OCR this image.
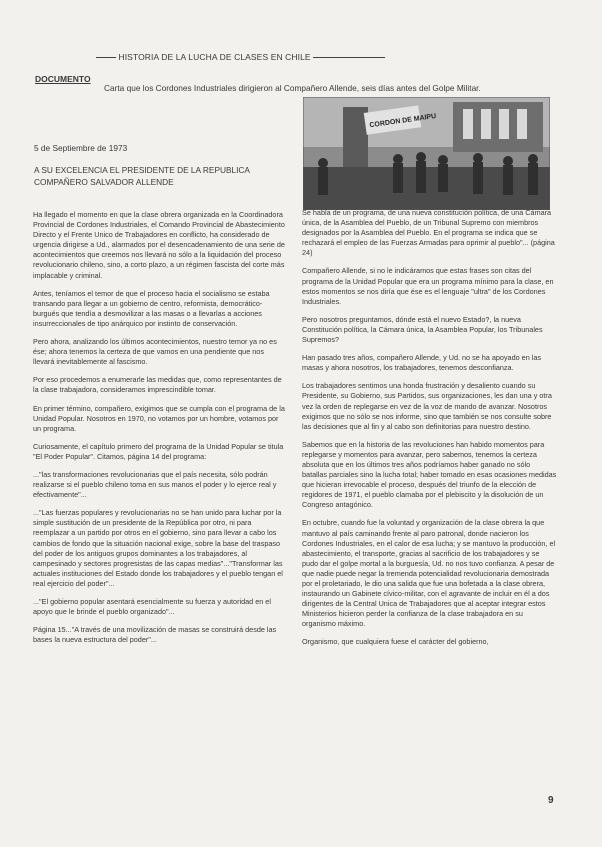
HISTORIA DE LA LUCHA DE CLASES EN CHILE
DOCUMENTO
Carta que los Cordones Industriales dirigieron al Compañero Allende, seis días antes del Golpe Militar.
5 de Septiembre de 1973
A SU EXCELENCIA EL PRESIDENTE DE LA REPUBLICA
COMPAÑERO SALVADOR ALLENDE
CORDON DE MAIPU

Ha llegado el momento en que la clase obrera organizada en la Coordinadora Provincial de Cordones Industriales, el Comando Provincial de Abastecimiento Directo y el Frente Unico de Trabajadores en conflicto, ha considerado de urgencia dirigirse a Ud., alarmados por el desencadenamiento de una serie de acontecimientos que creemos nos llevará no sólo a la liquidación del proceso revolucionario chileno, sino, a corto plazo, a un régimen fascista del corte más implacable y criminal.

Antes, teníamos el temor de que el proceso hacia el socialismo se estaba transando para llegar a un gobierno de centro, reformista, democrático-burgués que tendía a desmovilizar a las masas o a llevarlas a acciones insurreccionales de tipo anárquico por instinto de conservación.

Pero ahora, analizando los últimos acontecimientos, nuestro temor ya no es ése; ahora tenemos la certeza de que vamos en una pendiente que nos llevará inevitablemente al fascismo.

Por eso procedemos a enumerarle las medidas que, como representantes de la clase trabajadora, consideramos imprescindible tomar.

En primer término, compañero, exigimos que se cumpla con el programa de la Unidad Popular. Nosotros en 1970, no votamos por un hombre, votamos por un programa.

Curiosamente, el capítulo primero del programa de la Unidad Popular se titula "El Poder Popular". Citamos, página 14 del programa:

..."las transformaciones revolucionarias que el país necesita, sólo podrán realizarse si el pueblo chileno toma en sus manos el poder y lo ejerce real y efectivamente"...

..."Las fuerzas populares y revolucionarias no se han unido para luchar por la simple sustitución de un presidente de la República por otro, ni para reemplazar a un partido por otros en el gobierno, sino para llevar a cabo los cambios de fondo que la situación nacional exige, sobre la base del traspaso del poder de los antiguos grupos dominantes a los trabajadores, al campesinado y sectores progresistas de las capas medias"..."Transformar las actuales instituciones del Estado donde los trabajadores y el pueblo tengan el real ejercicio del poder"...

..."El gobierno popular asentará esencialmente su fuerza y autoridad en el apoyo que le brinde el pueblo organizado"...

Página 15..."A través de una movilización de masas se construirá desde las bases la nueva estructura del poder"...

Se habla de un programa, de una nueva constitución política, de una Cámara única, de la Asamblea del Pueblo, de un Tribunal Supremo con miembros designados por la Asamblea del Pueblo. En el programa se indica que se rechazará el empleo de las Fuerzas Armadas para oprimir al pueblo"... (página 24)

Compañero Allende, si no le indicáramos que estas frases son citas del programa de la Unidad Popular que era un programa mínimo para la clase, en estos momentos se nos diría que ése es el lenguaje "ultra" de los Cordones Industriales.

Pero nosotros preguntamos, dónde está el nuevo Estado?, la nueva Constitución política, la Cámara única, la Asamblea Popular, los Tribunales Supremos?

Han pasado tres años, compañero Allende, y Ud. no se ha apoyado en las masas y ahora nosotros, los trabajadores, tenemos desconfianza.

Los trabajadores sentimos una honda frustración y desaliento cuando su Presidente, su Gobierno, sus Partidos, sus organizaciones, les dan una y otra vez la orden de replegarse en vez de la voz de mando de avanzar. Nosotros exigimos que no sólo se nos informe, sino que también se nos consulte sobre las decisiones que al fin y al cabo son definitorias para nuestro destino.

Sabemos que en la historia de las revoluciones han habido momentos para replegarse y momentos para avanzar, pero sabemos, tenemos la certeza absoluta que en los últimos tres años podríamos haber ganado no sólo batallas parciales sino la lucha total; haber tomado en esas ocasiones medidas que hicieran irrevocable el proceso, después del triunfo de la elección de regidores de 1971, el pueblo clamaba por el plebiscito y la disolución de un Congreso antagónico.

En octubre, cuando fue la voluntad y organización de la clase obrera la que mantuvo al país caminando frente al paro patronal, donde nacieron los Cordones Industriales, en el calor de esa lucha; y se mantuvo la producción, el abastecimiento, el transporte, gracias al sacrificio de los trabajadores y se pudo dar el golpe mortal a la burguesía, Ud. no nos tuvo confianza. A pesar de que nadie puede negar la tremenda potencialidad revolucionaria demostrada por el proletariado, le dio una salida que fue una bofetada a la clase obrera, instaurando un Gabinete cívico-militar, con el agravante de incluir en él a dos dirigentes de la Central Unica de Trabajadores que al aceptar integrar estos Ministerios hicieron perder la confianza de la clase trabajadora en su organismo máximo.

Organismo, que cualquiera fuese el carácter del gobierno,

9
